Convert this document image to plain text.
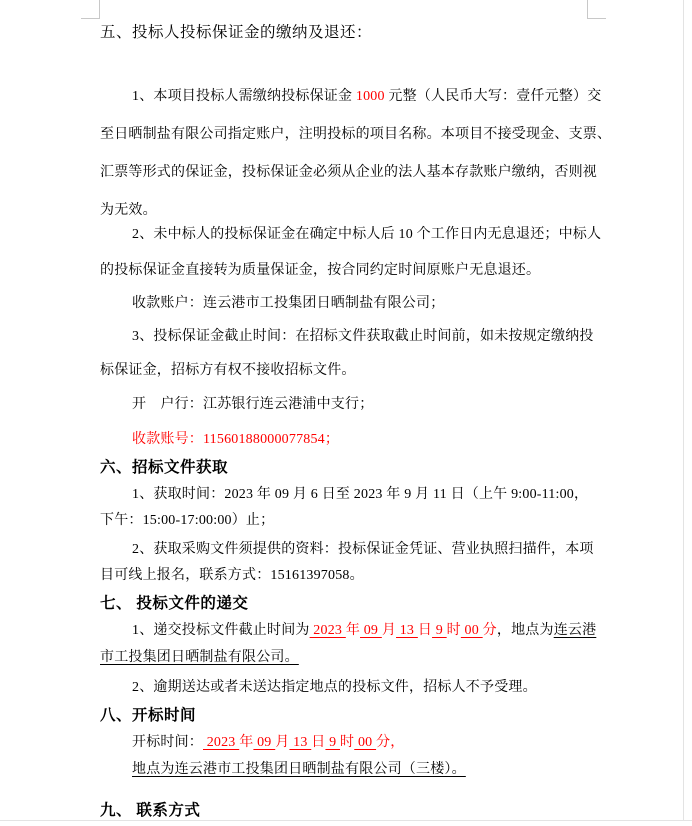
五、投标人投标保证金的缴纳及退还：
1、本项目投标人需缴纳投标保证金 1000 元整（人民币大写：壹仟元整）交
至日晒制盐有限公司指定账户，注明投标的项目名称。本项目不接受现金、支票、
汇票等形式的保证金，投标保证金必须从企业的法人基本存款账户缴纳，否则视
为无效。
2、未中标人的投标保证金在确定中标人后 10 个工作日内无息退还；中标人
的投标保证金直接转为质量保证金，按合同约定时间原账户无息退还。
收款账户：连云港市工投集团日晒制盐有限公司；
3、投标保证金截止时间：在招标文件获取截止时间前，如未按规定缴纳投
标保证金，招标方有权不接收招标文件。
开　户行：江苏银行连云港浦中支行；
收款账号：11560188000077854；
六、招标文件获取
1、获取时间：2023 年 09 月 6 日至 2023 年 9 月 11 日（上午 9:00-11:00，
下午：15:00-17:00:00）止；
2、获取采购文件须提供的资料：投标保证金凭证、营业执照扫描件，本项
目可线上报名，联系方式：15161397058。
七、 投标文件的递交
1、递交投标文件截止时间为 2023 年 09 月 13 日 9 时 00 分，地点为连云港
市工投集团日晒制盐有限公司。
2、逾期送达或者未送达指定地点的投标文件，招标人不予受理。
八、开标时间
开标时间： 2023 年 09 月 13 日 9 时 00 分，
地点为连云港市工投集团日晒制盐有限公司（三楼）。
九、 联系方式
